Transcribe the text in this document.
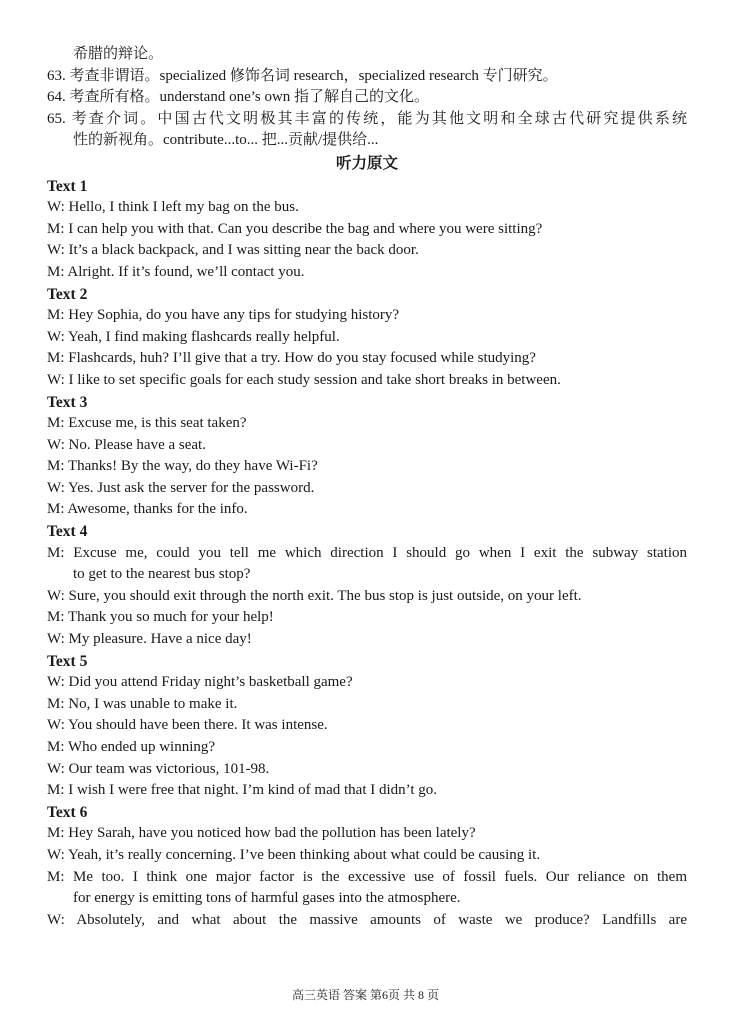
希腊的辩论。
63. 考查非谓语。specialized 修饰名词 research，specialized research 专门研究。
64. 考查所有格。understand one’s own 指了解自己的文化。
65. 考查介词。中国古代文明极其丰富的传统，能为其他文明和全球古代研究提供系统
性的新视角。contribute...to... 把...贡献/提供给...
听力原文
Text 1
W: Hello, I think I left my bag on the bus.
M: I can help you with that. Can you describe the bag and where you were sitting?
W: It’s a black backpack, and I was sitting near the back door.
M: Alright. If it’s found, we’ll contact you.
Text 2
M: Hey Sophia, do you have any tips for studying history?
W: Yeah, I find making flashcards really helpful.
M: Flashcards, huh? I’ll give that a try. How do you stay focused while studying?
W: I like to set specific goals for each study session and take short breaks in between.
Text 3
M: Excuse me, is this seat taken?
W: No. Please have a seat.
M: Thanks! By the way, do they have Wi-Fi?
W: Yes. Just ask the server for the password.
M: Awesome, thanks for the info.
Text 4
M: Excuse me, could you tell me which direction I should go when I exit the subway station
to get to the nearest bus stop?
W: Sure, you should exit through the north exit. The bus stop is just outside, on your left.
M: Thank you so much for your help!
W: My pleasure. Have a nice day!
Text 5
W: Did you attend Friday night’s basketball game?
M: No, I was unable to make it.
W: You should have been there. It was intense.
M: Who ended up winning?
W: Our team was victorious, 101-98.
M: I wish I were free that night. I’m kind of mad that I didn’t go.
Text 6
M: Hey Sarah, have you noticed how bad the pollution has been lately?
W: Yeah, it’s really concerning. I’ve been thinking about what could be causing it.
M: Me too. I think one major factor is the excessive use of fossil fuels. Our reliance on them
for energy is emitting tons of harmful gases into the atmosphere.
W: Absolutely, and what about the massive amounts of waste we produce? Landfills are
高三英语 答案 第6页 共 8 页
